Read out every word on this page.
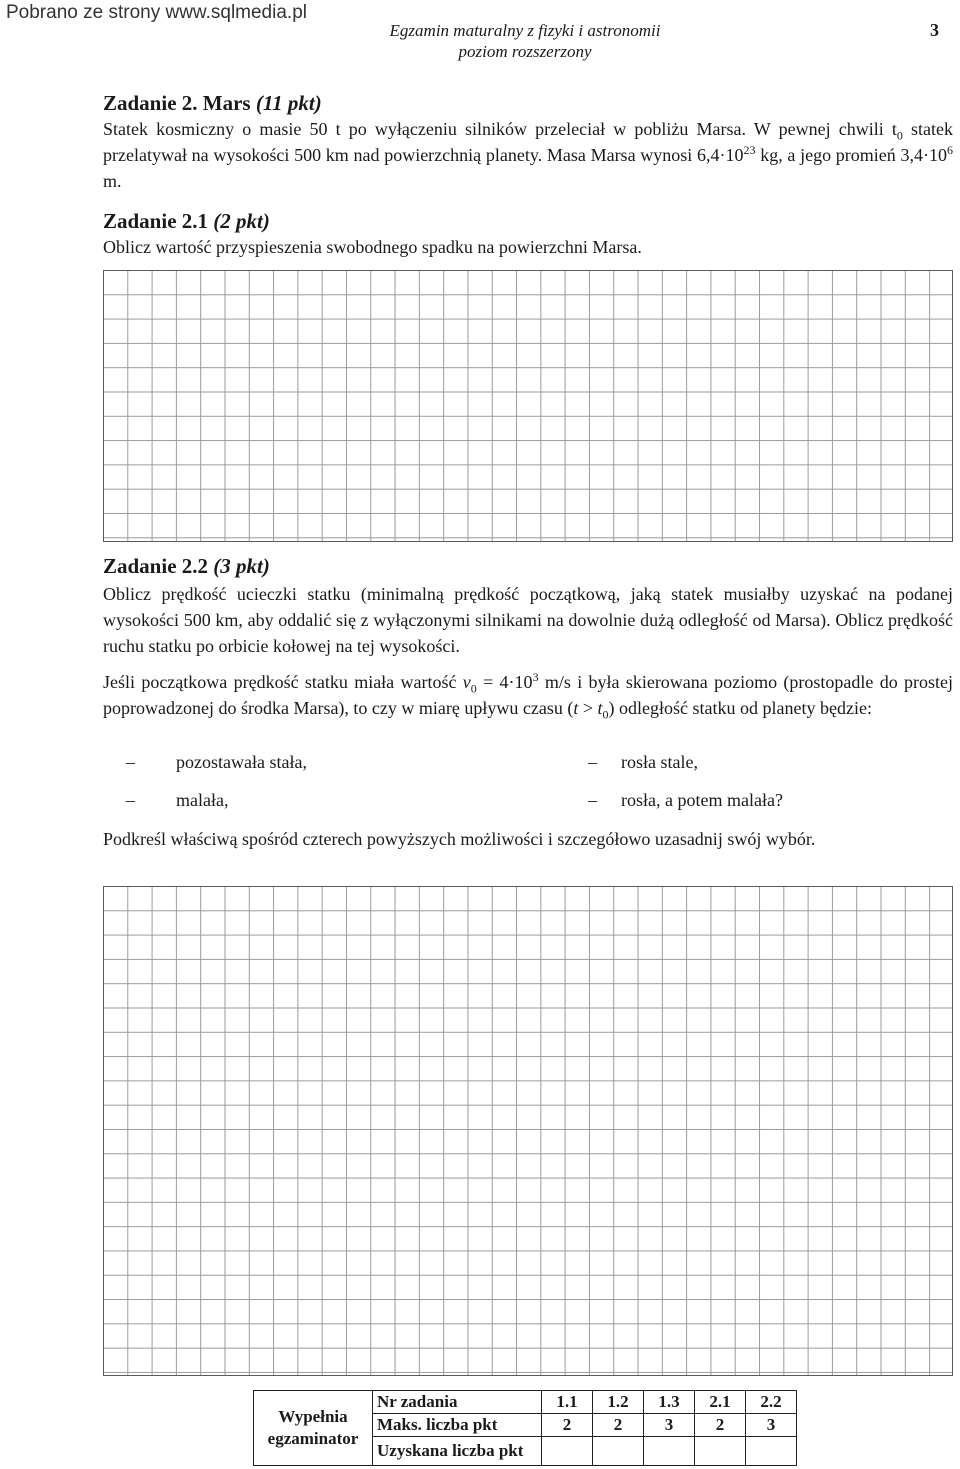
Pobrano ze strony www.sqlmedia.pl
Egzamin maturalny z fizyki i astronomii
poziom rozszerzony
3
Zadanie 2. Mars (11 pkt)

Statek kosmiczny o masie 50 t po wyłączeniu silników przeleciał w pobliżu Marsa. W pewnej chwili $t_0$ statek przelatywał na wysokości 500 km nad powierzchnią planety. Masa Marsa wynosi $6,4\cdot 10^{23}$ kg, a jego promień $3,4\cdot 10^6$ m.

Zadanie 2.1 (2 pkt)

Oblicz wartość przyspieszenia swobodnego spadku na powierzchni Marsa.

Zadanie 2.2 (3 pkt)

Oblicz prędkość ucieczki statku (minimalną prędkość początkową, jaką statek musiałby uzyskać na podanej wysokości 500 km, aby oddalić się z wyłączonymi silnikami na dowolnie dużą odległość od Marsa). Oblicz prędkość ruchu statku po orbicie kołowej na tej wysokości.

Jeśli początkowa prędkość statku miała wartość $v_0 = 4\cdot 10^3$ m/s i była skierowana poziomo (prostopadle do prostej poprowadzonej do środka Marsa), to czy w miarę upływu czasu $(t > t_0)$ odległość statku od planety będzie:

– pozostawała stała,	– rosła stale,
– malała,	– rosła, a potem malała?

Podkreśl właściwą spośród czterech powyższych możliwości i szczegółowo uzasadnij swój wybór.

Wypełnia
egzaminator	Nr zadania	1.1	1.2	1.3	2.1	2.2
	Maks. liczba pkt	2	2	3	2	3
	Uzyskana liczba pkt					
